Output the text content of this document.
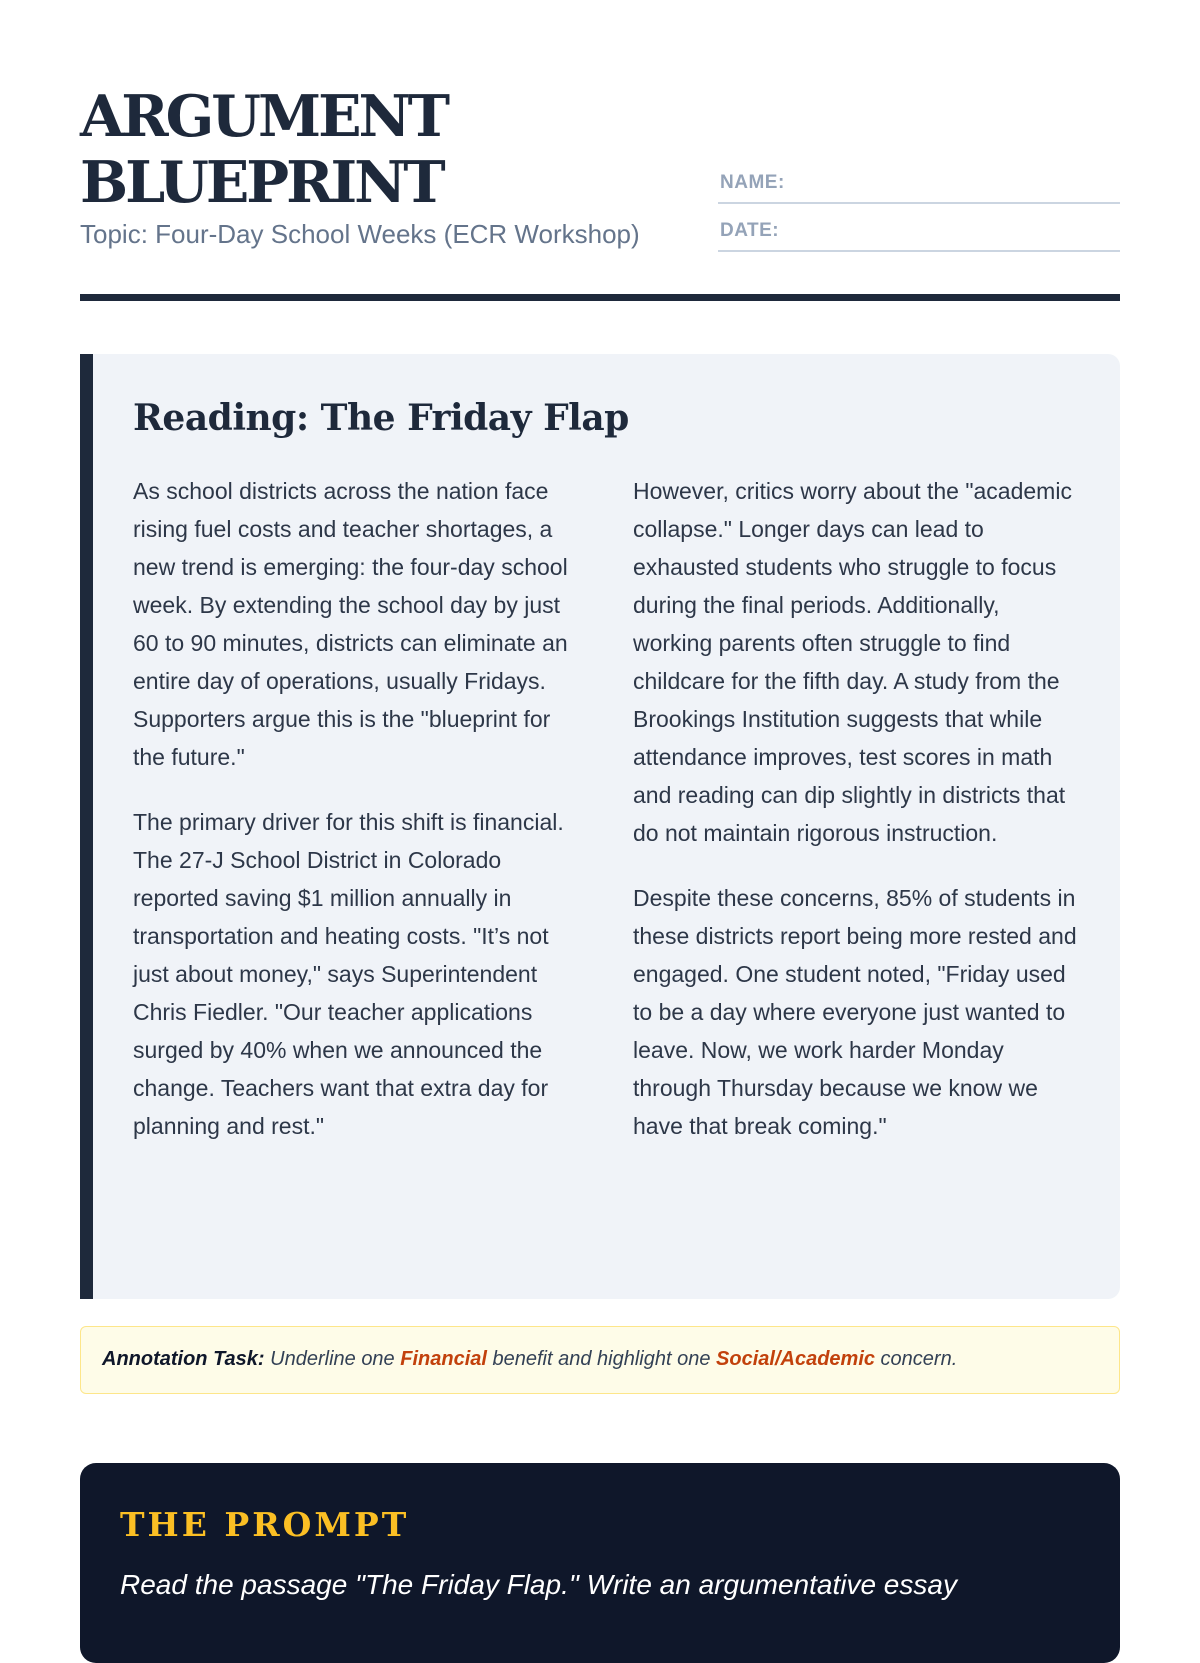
ARGUMENT
BLUEPRINT
Topic: Four-Day School Weeks (ECR Workshop)
NAME:
DATE:
Reading: The Friday Flap

As school districts across the nation face rising fuel costs and teacher shortages, a new trend is emerging: the four-day school week. By extending the school day by just 60 to 90 minutes, districts can eliminate an entire day of operations, usually Fridays. Supporters argue this is the "blueprint for the future."

The primary driver for this shift is financial. The 27-J School District in Colorado reported saving $1 million annually in transportation and heating costs. "It’s not just about money," says Superintendent Chris Fiedler. "Our teacher applications surged by 40% when we announced the change. Teachers want that extra day for planning and rest."

However, critics worry about the "academic collapse." Longer days can lead to exhausted students who struggle to focus during the final periods. Additionally, working parents often struggle to find childcare for the fifth day. A study from the Brookings Institution suggests that while attendance improves, test scores in math and reading can dip slightly in districts that do not maintain rigorous instruction.

Despite these concerns, 85% of students in these districts report being more rested and engaged. One student noted, "Friday used to be a day where everyone just wanted to leave. Now, we work harder Monday through Thursday because we know we have that break coming."

Annotation Task: Underline one Financial benefit and highlight one Social/Academic concern.
THE PROMPT

Read the passage "The Friday Flap." Write an argumentative essay
